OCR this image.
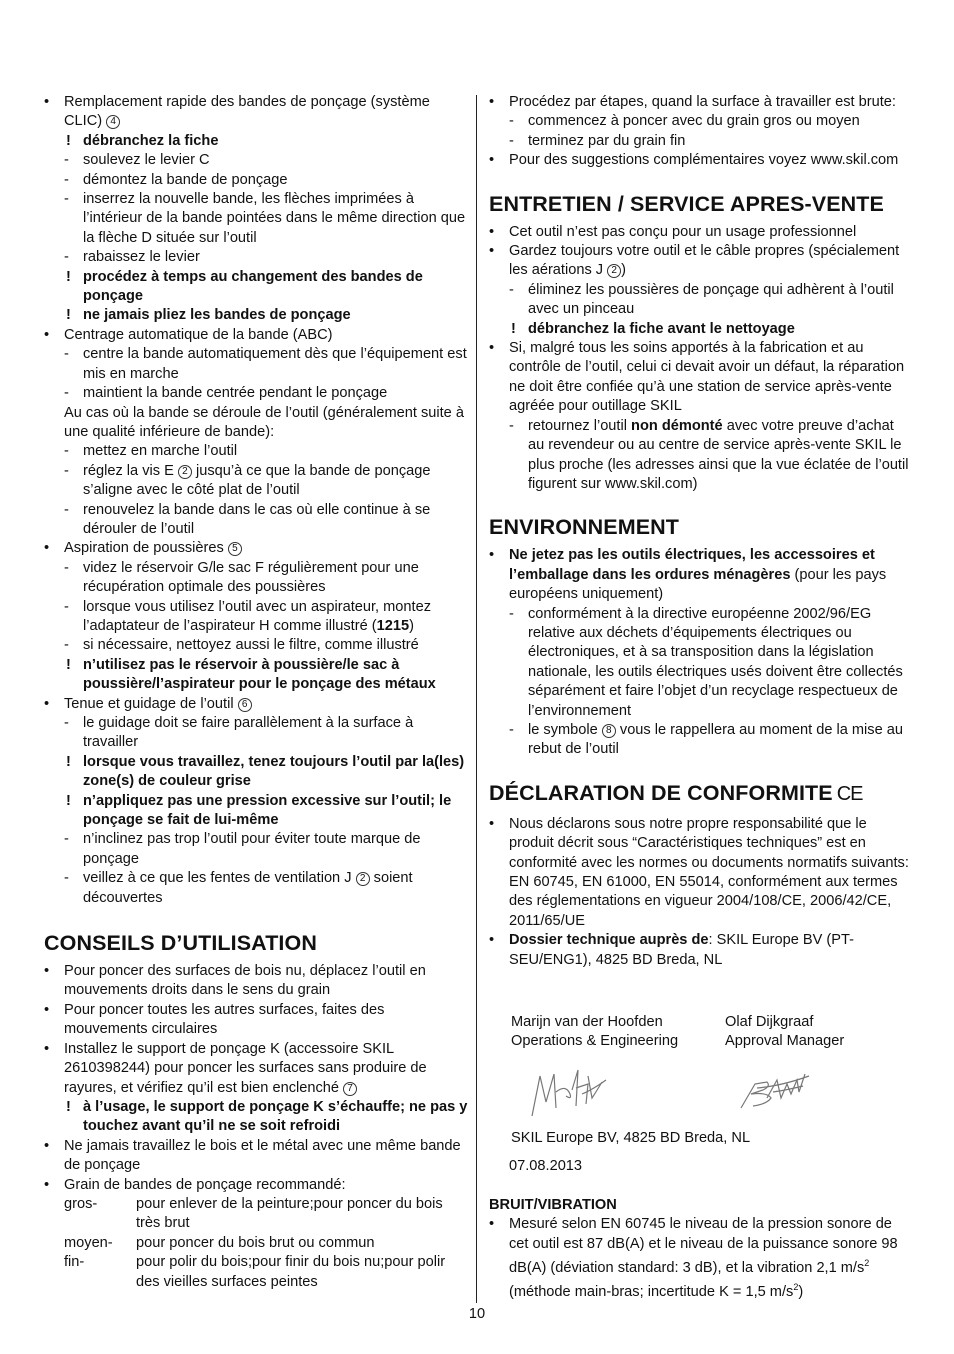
• Remplacement rapide des bandes de ponçage (système CLIC) 4
! débranchez la fiche
- soulevez le levier C
- démontez la bande de ponçage
- inserrez la nouvelle bande, les flèches imprimées à l’intérieur de la bande pointées dans le même direction que la flèche D située sur l’outil
- rabaissez le levier
! procédez à temps au changement des bandes de ponçage
! ne jamais pliez les bandes de ponçage
• Centrage automatique de la bande (ABC)
- centre la bande automatiquement dès que l’équipement est mis en marche
- maintient la bande centrée pendant le ponçage
Au cas où la bande se déroule de l’outil (généralement suite à une qualité inférieure de bande):
- mettez en marche l’outil
- réglez la vis E 2 jusqu’à ce que la bande de ponçage s’aligne avec le côté plat de l’outil
- renouvelez la bande dans le cas où elle continue à se dérouler de l’outil
• Aspiration de poussières 5
- videz le réservoir G/le sac F régulièrement pour une récupération optimale des poussières
- lorsque vous utilisez l’outil avec un aspirateur, montez l’adaptateur de l’aspirateur H comme illustré (1215)
- si nécessaire, nettoyez aussi le filtre, comme illustré
! n’utilisez pas le réservoir à poussière/le sac à poussière/l’aspirateur pour le ponçage des métaux
• Tenue et guidage de l’outil 6
- le guidage doit se faire parallèlement à la surface à travailler
! lorsque vous travaillez, tenez toujours l’outil par la(les) zone(s) de couleur grise
! n’appliquez pas une pression excessive sur l’outil; le ponçage se fait de lui-même
- n’inclinez pas trop l’outil pour éviter toute marque de ponçage
- veillez à ce que les fentes de ventilation J 2 soient découvertes
CONSEILS D’UTILISATION
• Pour poncer des surfaces de bois nu, déplacez l’outil en mouvements droits dans le sens du grain
• Pour poncer toutes les autres surfaces, faites des mouvements circulaires
• Installez le support de ponçage K (accessoire SKIL 2610398244) pour poncer les surfaces sans produire de rayures, et vérifiez qu’il est bien enclenché 7
! à l’usage, le support de ponçage K s’échauffe; ne pas y touchez avant qu’il ne se soit refroidi
• Ne jamais travaillez le bois et le métal avec une même bande de ponçage
• Grain de bandes de ponçage recommandé:
gros-	pour enlever de la peinture;pour poncer du bois très brut
moyen-	pour poncer du bois brut ou commun
fin-	pour polir du bois;pour finir du bois nu;pour polir des vieilles surfaces peintes
• Procédez par étapes, quand la surface à travailler est brute:
- commencez à poncer avec du grain gros ou moyen
- terminez par du grain fin
• Pour des suggestions complémentaires voyez www.skil.com
ENTRETIEN / SERVICE APRES-VENTE
• Cet outil n’est pas conçu pour un usage professionnel
• Gardez toujours votre outil et le câble propres (spécialement les aérations J 2 )
- éliminez les poussières de ponçage qui adhèrent à l’outil avec un pinceau
! débranchez la fiche avant le nettoyage
• Si, malgré tous les soins apportés à la fabrication et au contrôle de l’outil, celui ci devait avoir un défaut, la réparation ne doit être confiée qu’à une station de service après-vente agréée pour outillage SKIL
- retournez l’outil non démonté avec votre preuve d’achat au revendeur ou au centre de service après-vente SKIL le plus proche (les adresses ainsi que la vue éclatée de l’outil figurent sur www.skil.com)
ENVIRONNEMENT
• Ne jetez pas les outils électriques, les accessoires et l’emballage dans les ordures ménagères (pour les pays européens uniquement)
- conformément à la directive européenne 2002/96/EG relative aux déchets d’équipements électriques ou électroniques, et à sa transposition dans la législation nationale, les outils électriques usés doivent être collectés séparément et faire l’objet d’un recyclage respectueux de l’environnement
- le symbole 8 vous le rappellera au moment de la mise au rebut de l’outil
DÉCLARATION DE CONFORMITE CE
• Nous déclarons sous notre propre responsabilité que le produit décrit sous “Caractéristiques techniques” est en conformité avec les normes ou documents normatifs suivants: EN 60745, EN 61000, EN 55014, conformément aux termes des réglementations en vigueur 2004/108/CE, 2006/42/CE, 2011/65/UE
• Dossier technique auprès de: SKIL Europe BV (PT-SEU/ENG1), 4825 BD Breda, NL
Marijn van der Hoofden
Operations & Engineering
Olaf Dijkgraaf
Approval Manager
SKIL Europe BV, 4825 BD Breda, NL
07.08.2013
BRUIT/VIBRATION
• Mesuré selon EN 60745 le niveau de la pression sonore de cet outil est 87 dB(A) et le niveau de la puissance sonore 98 dB(A) (déviation standard: 3 dB), et la vibration 2,1 $m/s^2$ (méthode main-bras; incertitude K = 1,5 $m/s^2$)
10
